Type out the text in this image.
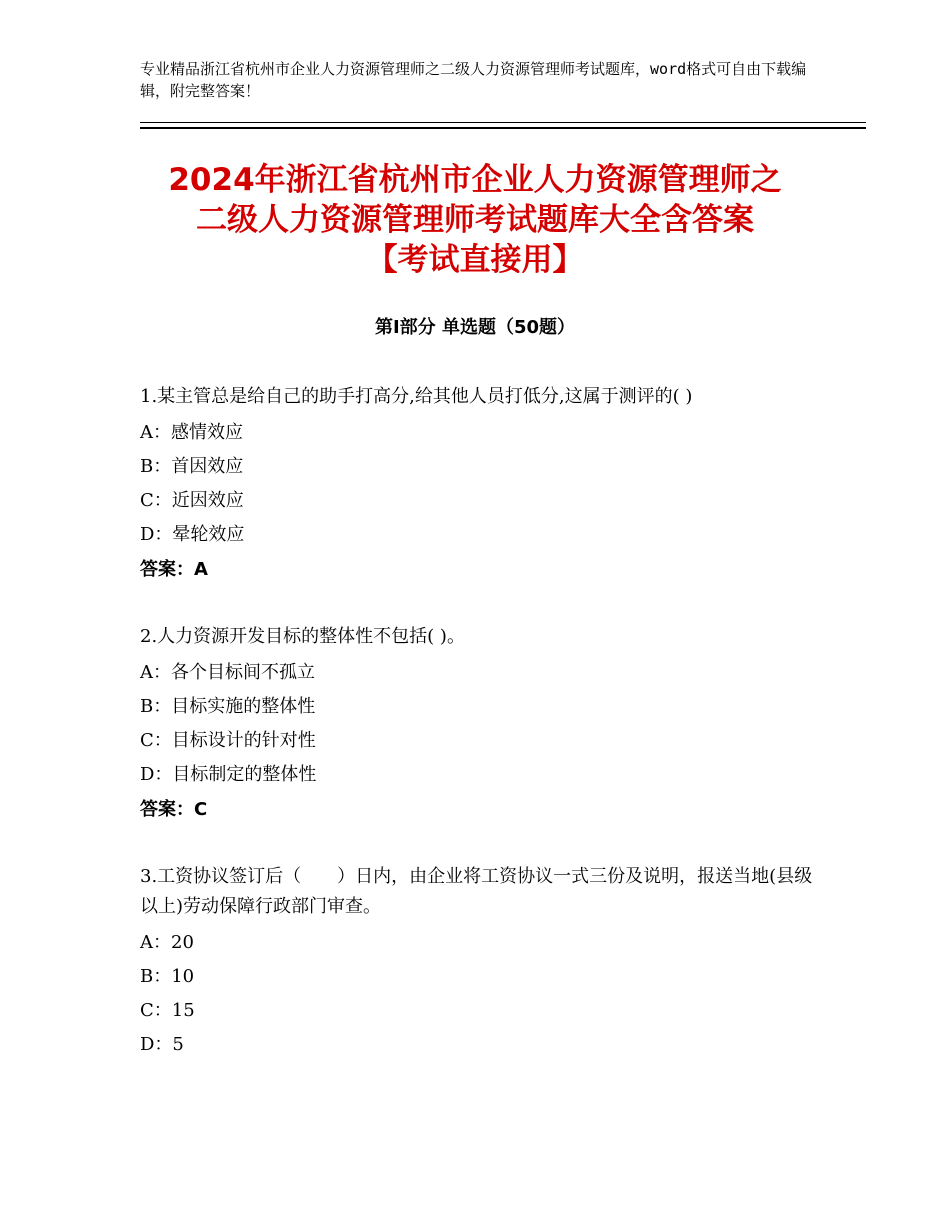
专业精品浙江省杭州市企业人力资源管理师之二级人力资源管理师考试题库，word格式可自由下载编辑，附完整答案！
2024年浙江省杭州市企业人力资源管理师之
二级人力资源管理师考试题库大全含答案
【考试直接用】
第Ⅰ部分 单选题（50题）
1.某主管总是给自己的助手打高分,给其他人员打低分,这属于测评的( )
A：感情效应
B：首因效应
C：近因效应
D：晕轮效应
答案：A
2.人力资源开发目标的整体性不包括( )。
A：各个目标间不孤立
B：目标实施的整体性
C：目标设计的针对性
D：目标制定的整体性
答案：C
3.工资协议签订后（　　）日内，由企业将工资协议一式三份及说明，报送当地(县级以上)劳动保障行政部门审查。
A：20
B：10
C：15
D：5
